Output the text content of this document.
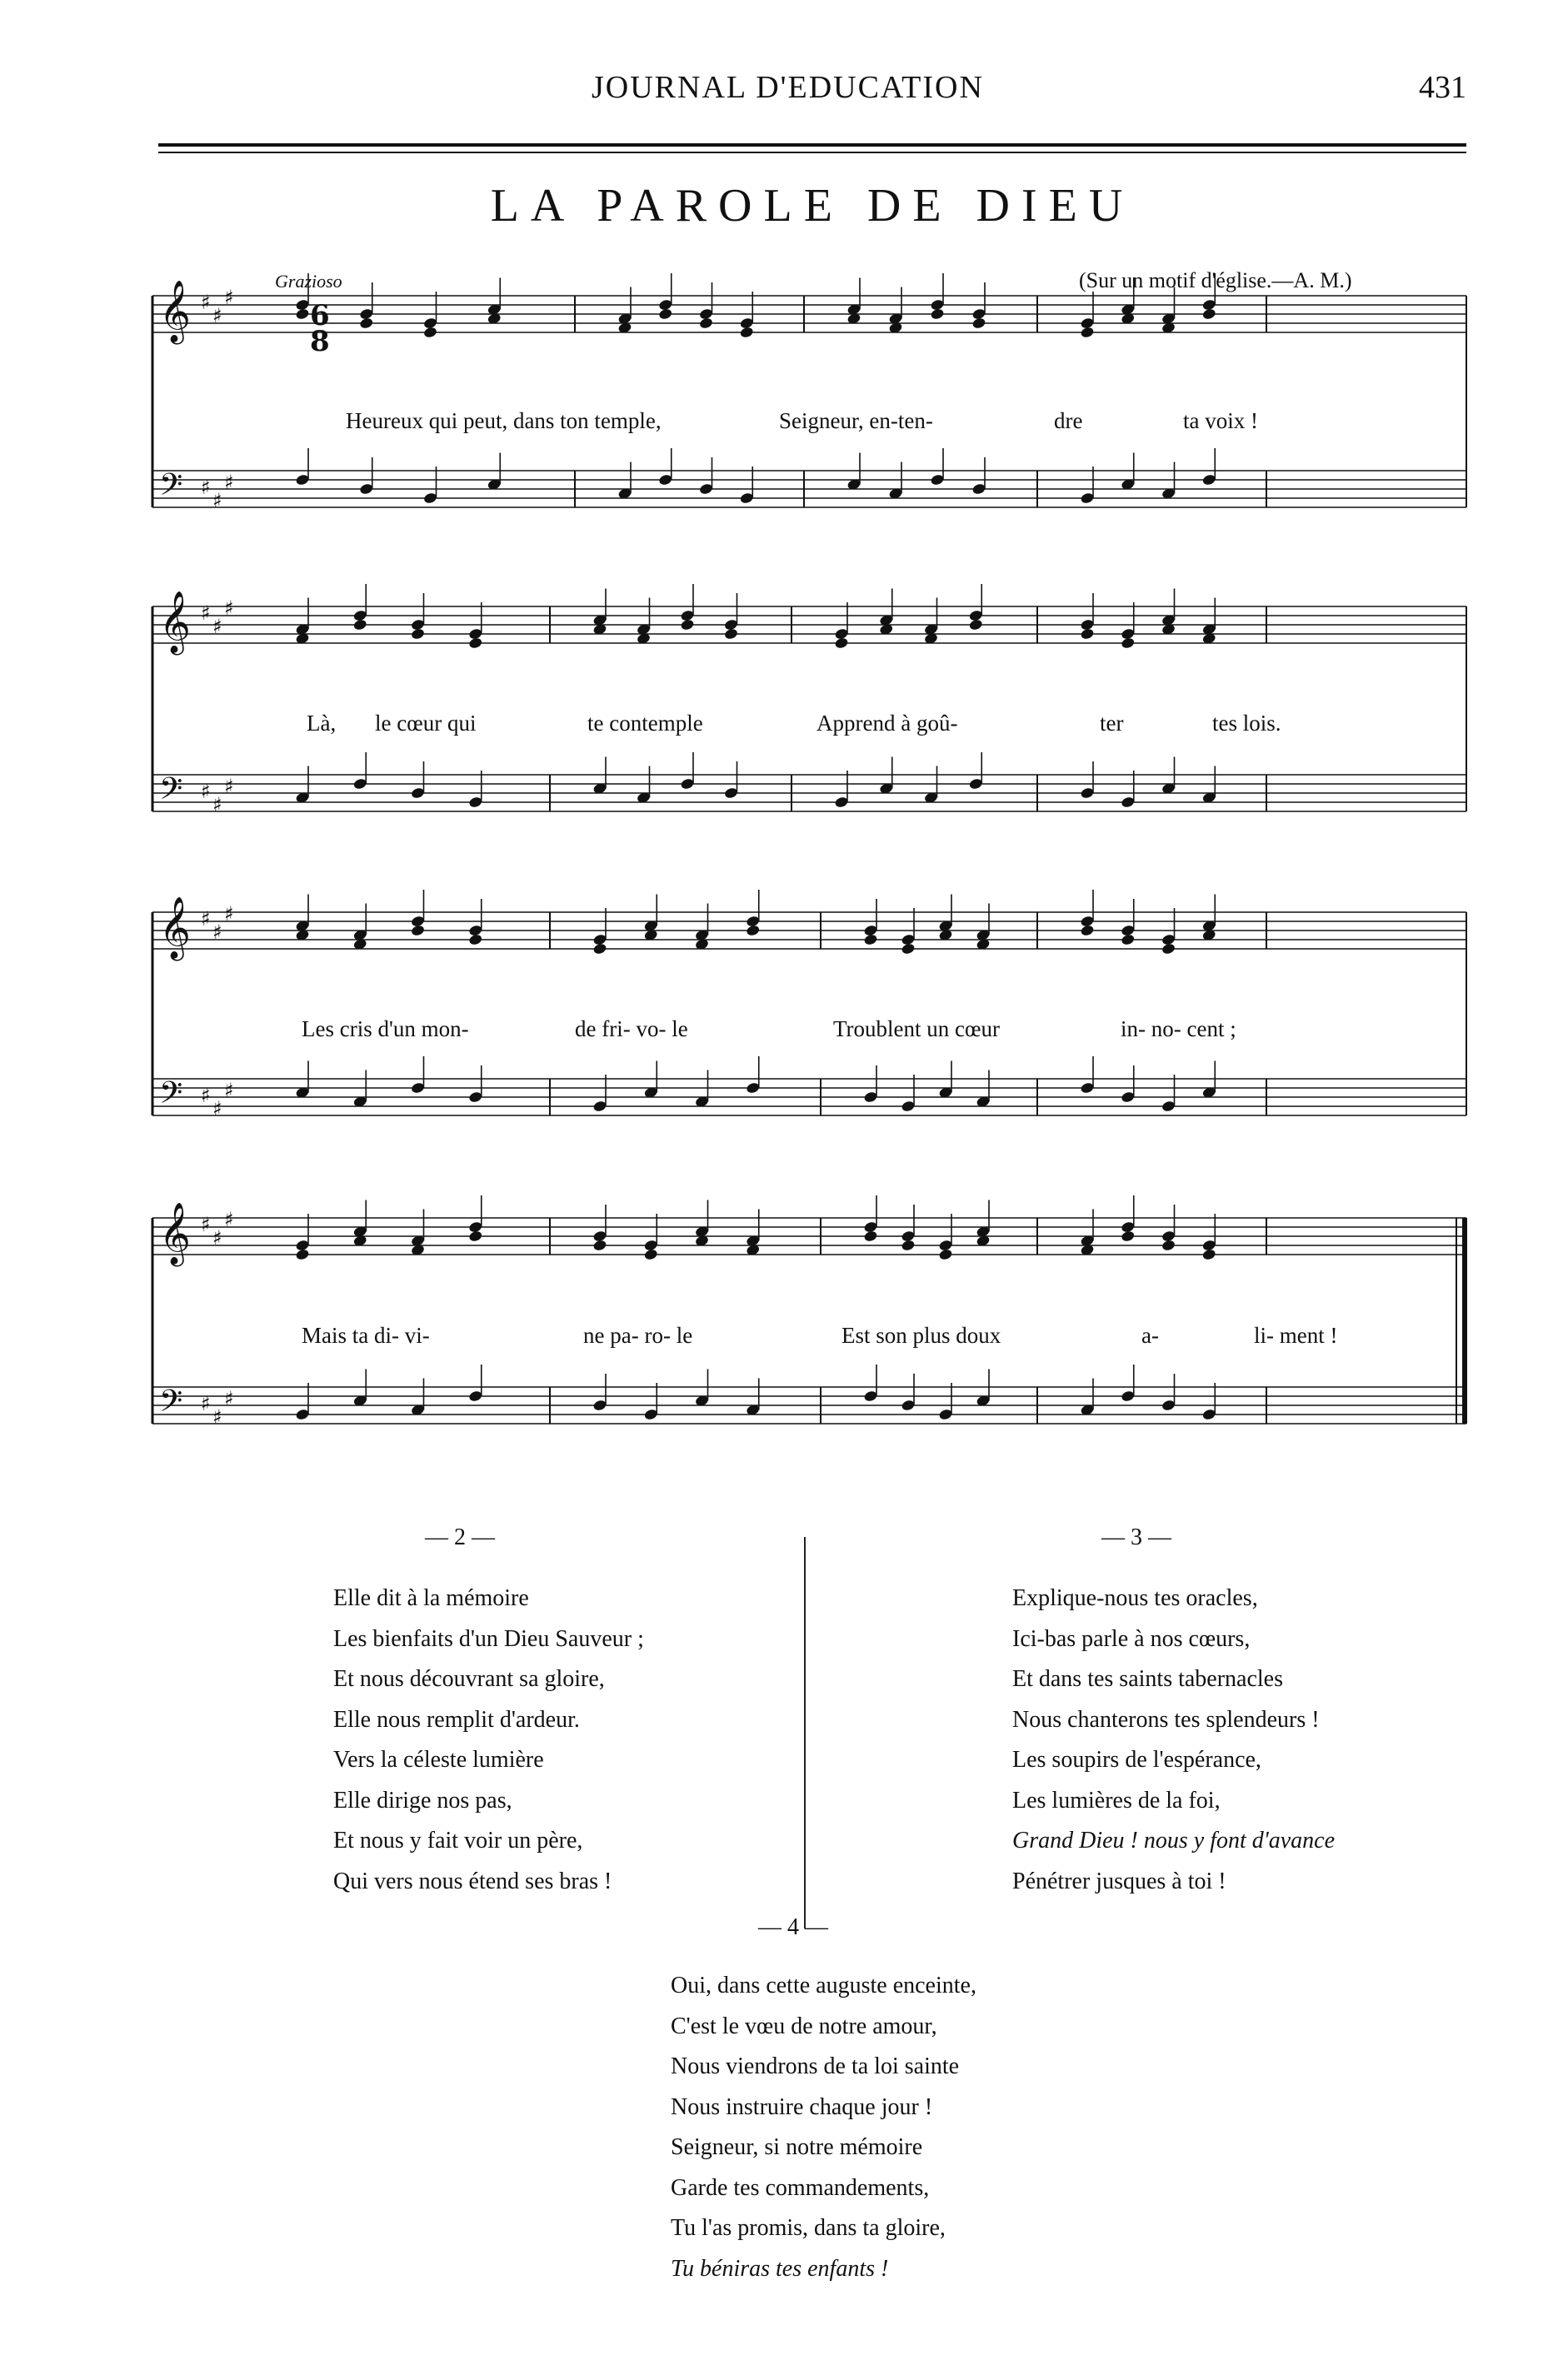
JOURNAL D'EDUCATION	431
LA PAROLE DE DIEU
Grazioso	(Sur un motif d'église.—A. M.)
𝄞 ♯
♯
♯
𝄢 ♯
♯
♯
𝄞 ♯
♯
♯
𝄢 ♯
♯
♯
𝄞 ♯
♯
♯
𝄢 ♯
♯
♯
𝄞 ♯
♯
♯
𝄢 ♯
♯
♯
6
8
Heureux qui peut, dans ton temple,	Seigneur, en-ten-	dre	ta voix !
Là, le cœur qui	te contemple	Apprend à goû-	ter	tes lois.
Les cris d'un mon-	de fri- vo- le	Troublent un cœur	in- no- cent ;
Mais ta di- vi-	ne pa- ro- le	Est son plus doux	a-	li- ment !
— 2 —
Elle dit à la mémoire
Les bienfaits d'un Dieu Sauveur ;
Et nous découvrant sa gloire,
Elle nous remplit d'ardeur.
Vers la céleste lumière
Elle dirige nos pas,
Et nous y fait voir un père,
Qui vers nous étend ses bras !
— 3 —
Explique-nous tes oracles,
Ici-bas parle à nos cœurs,
Et dans tes saints tabernacles
Nous chanterons tes splendeurs !
Les soupirs de l'espérance,
Les lumières de la foi,
Grand Dieu ! nous y font d'avance
Pénétrer jusques à toi !
— 4 —
Oui, dans cette auguste enceinte,
C'est le vœu de notre amour,
Nous viendrons de ta loi sainte
Nous instruire chaque jour !
Seigneur, si notre mémoire
Garde tes commandements,
Tu l'as promis, dans ta gloire,
Tu béniras tes enfants !
